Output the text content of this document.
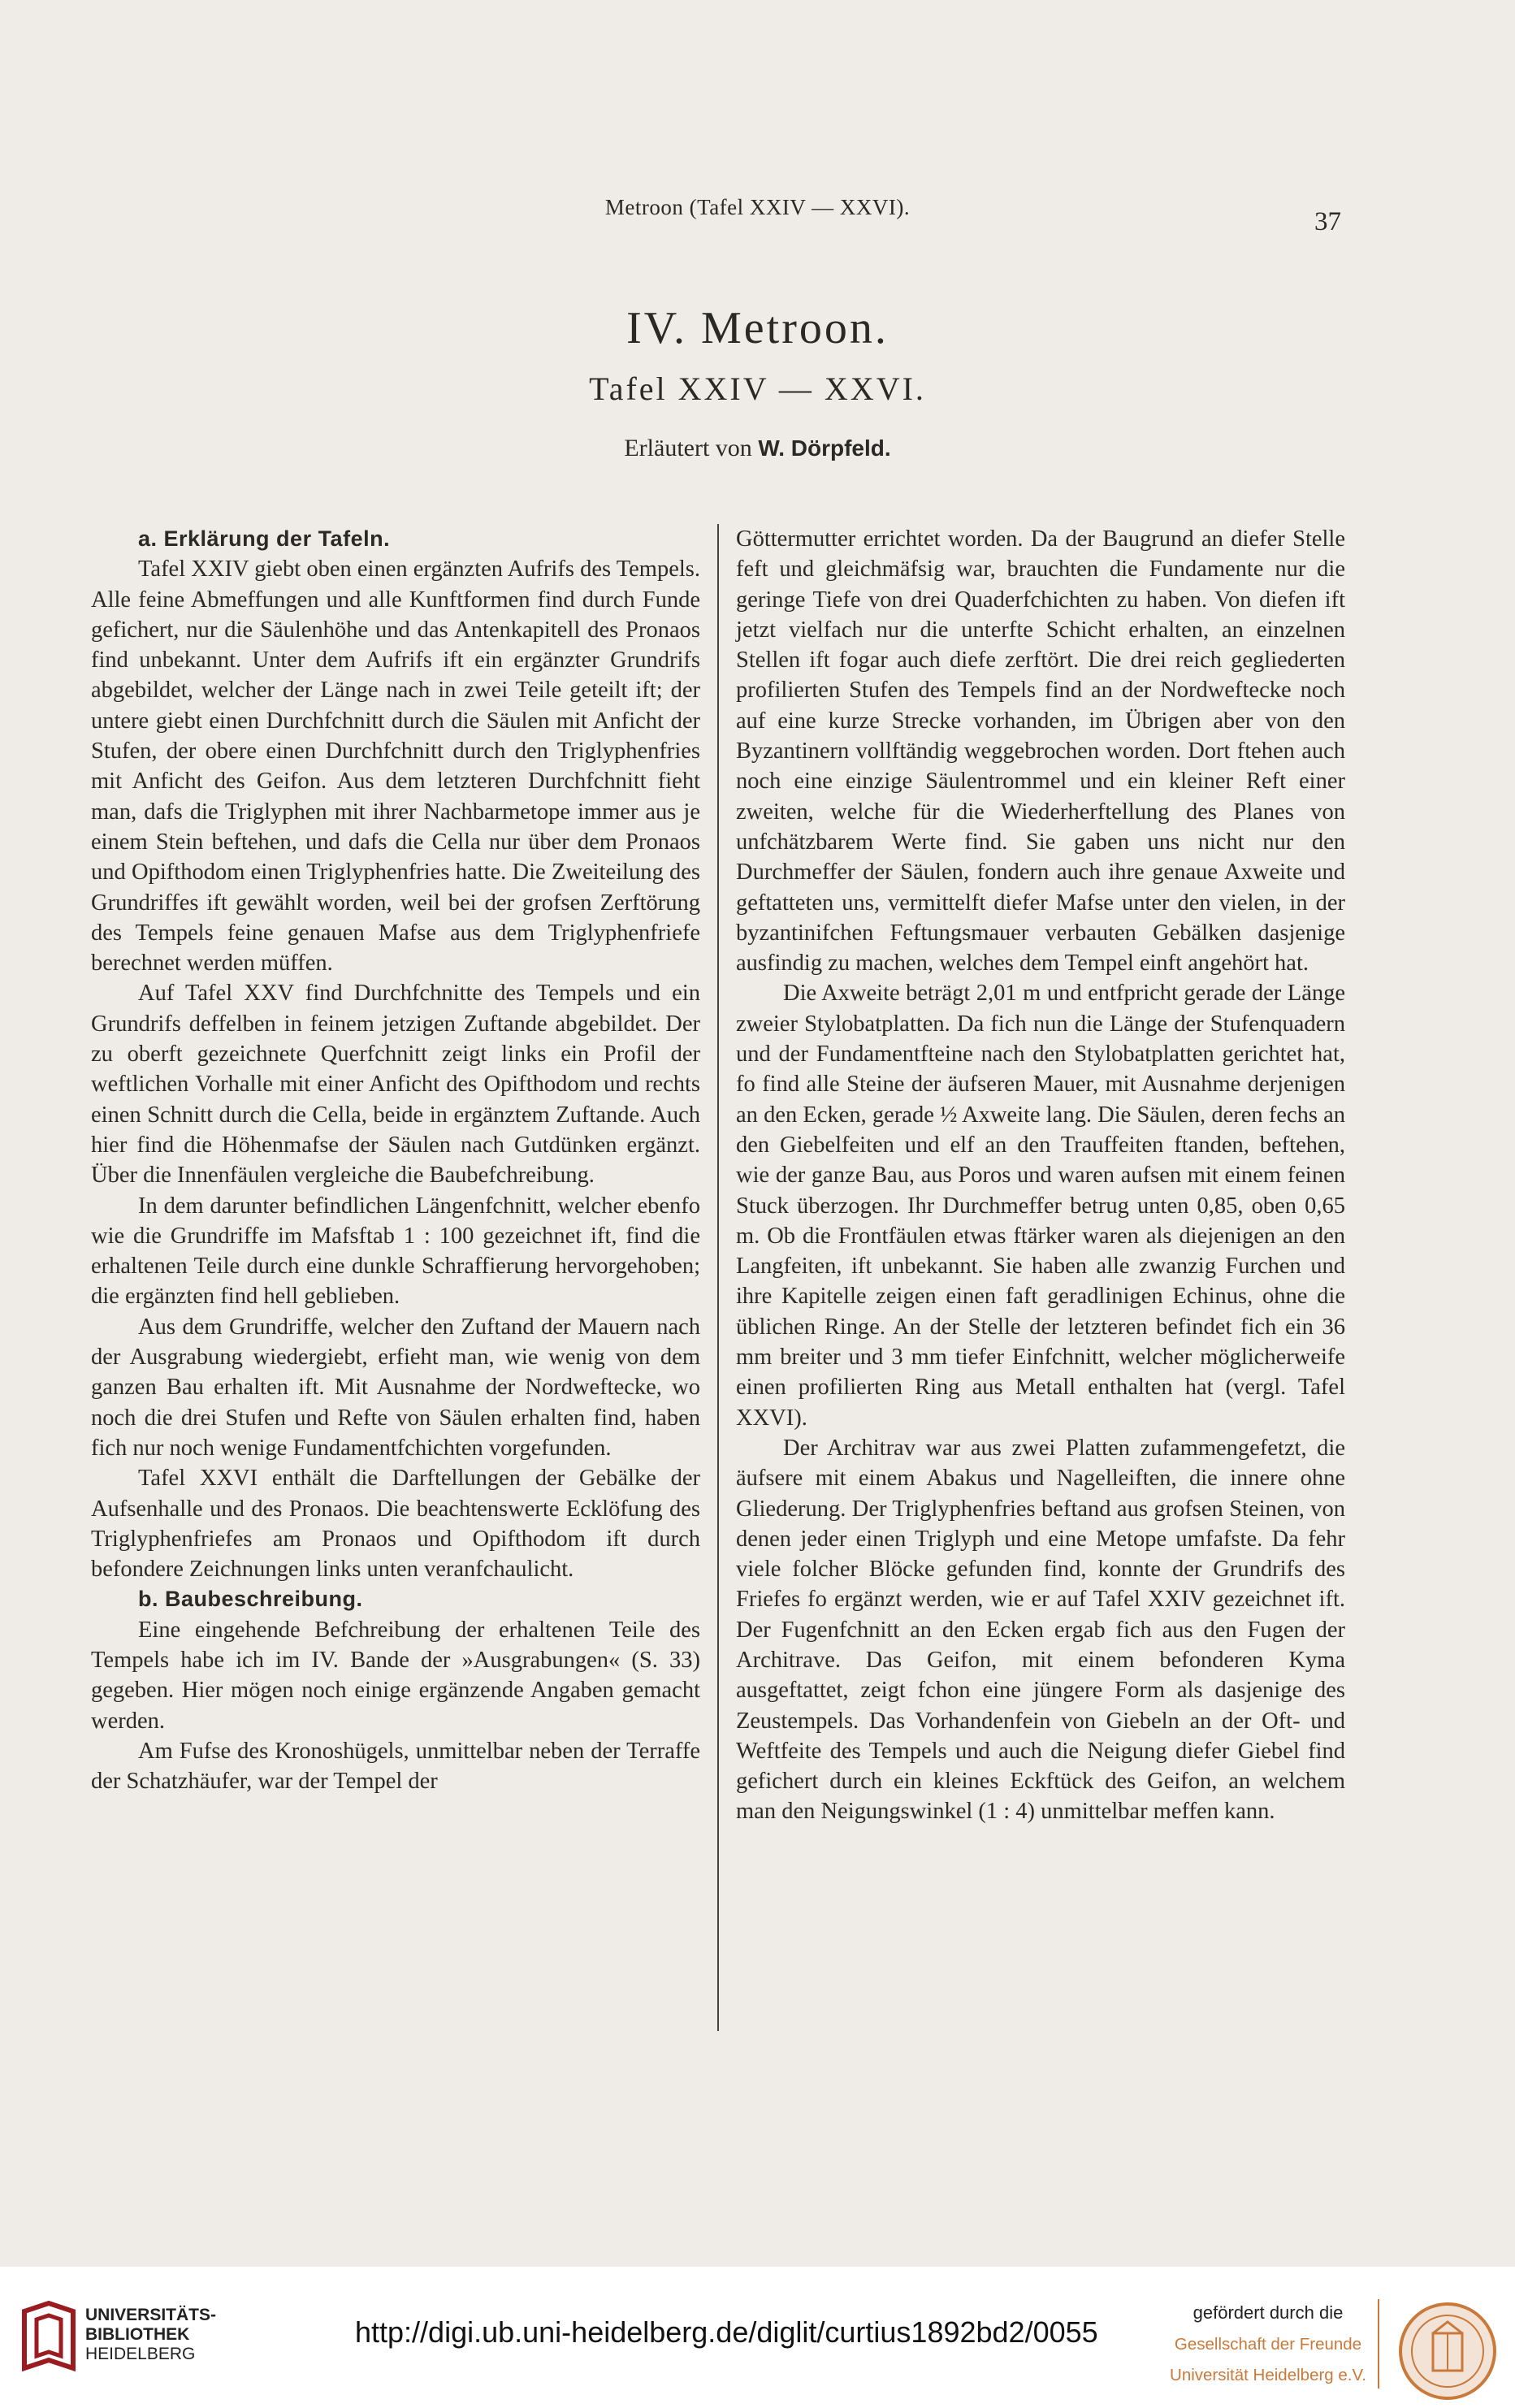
Metroon (Tafel XXIV — XXVI).	37
IV. Metroon.
Tafel XXIV — XXVI.
Erläutert von W. Dörpfeld.

a. Erklärung der Tafeln.

Tafel XXIV giebt oben einen ergänzten Aufrifs des Tempels. Alle feine Abmeffungen und alle Kunftformen find durch Funde gefichert, nur die Säulenhöhe und das Antenkapitell des Pronaos find unbekannt. Unter dem Aufrifs ift ein ergänzter Grundrifs abgebildet, welcher der Länge nach in zwei Teile geteilt ift; der untere giebt einen Durchfchnitt durch die Säulen mit Anficht der Stufen, der obere einen Durchfchnitt durch den Triglyphenfries mit Anficht des Geifon. Aus dem letzteren Durchfchnitt fieht man, dafs die Triglyphen mit ihrer Nachbarmetope immer aus je einem Stein beftehen, und dafs die Cella nur über dem Pronaos und Opifthodom einen Triglyphenfries hatte. Die Zweiteilung des Grundriffes ift gewählt worden, weil bei der grofsen Zerftörung des Tempels feine genauen Mafse aus dem Triglyphenfriefe berechnet werden müffen.

Auf Tafel XXV find Durchfchnitte des Tempels und ein Grundrifs deffelben in feinem jetzigen Zuftande abgebildet. Der zu oberft gezeichnete Querfchnitt zeigt links ein Profil der weftlichen Vorhalle mit einer Anficht des Opifthodom und rechts einen Schnitt durch die Cella, beide in ergänztem Zuftande. Auch hier find die Höhenmafse der Säulen nach Gutdünken ergänzt. Über die Innenfäulen vergleiche die Baubefchreibung.

In dem darunter befindlichen Längenfchnitt, welcher ebenfo wie die Grundriffe im Mafsftab 1 : 100 gezeichnet ift, find die erhaltenen Teile durch eine dunkle Schraffierung hervorgehoben; die ergänzten find hell geblieben.

Aus dem Grundriffe, welcher den Zuftand der Mauern nach der Ausgrabung wiedergiebt, erfieht man, wie wenig von dem ganzen Bau erhalten ift. Mit Ausnahme der Nordweftecke, wo noch die drei Stufen und Refte von Säulen erhalten find, haben fich nur noch wenige Fundamentfchichten vorgefunden.

Tafel XXVI enthält die Darftellungen der Gebälke der Aufsenhalle und des Pronaos. Die beachtenswerte Ecklöfung des Triglyphenfriefes am Pronaos und Opifthodom ift durch befondere Zeichnungen links unten veranfchaulicht.

b. Baubeschreibung.

Eine eingehende Befchreibung der erhaltenen Teile des Tempels habe ich im IV. Bande der »Ausgrabungen« (S. 33) gegeben. Hier mögen noch einige ergänzende Angaben gemacht werden.

Am Fufse des Kronoshügels, unmittelbar neben der Terraffe der Schatzhäufer, war der Tempel der

Göttermutter errichtet worden. Da der Baugrund an diefer Stelle feft und gleichmäfsig war, brauchten die Fundamente nur die geringe Tiefe von drei Quaderfchichten zu haben. Von diefen ift jetzt vielfach nur die unterfte Schicht erhalten, an einzelnen Stellen ift fogar auch diefe zerftört. Die drei reich gegliederten profilierten Stufen des Tempels find an der Nordweftecke noch auf eine kurze Strecke vorhanden, im Übrigen aber von den Byzantinern vollftändig weggebrochen worden. Dort ftehen auch noch eine einzige Säulentrommel und ein kleiner Reft einer zweiten, welche für die Wiederherftellung des Planes von unfchätzbarem Werte find. Sie gaben uns nicht nur den Durchmeffer der Säulen, fondern auch ihre genaue Axweite und geftatteten uns, vermittelft diefer Mafse unter den vielen, in der byzantinifchen Feftungsmauer verbauten Gebälken dasjenige ausfindig zu machen, welches dem Tempel einft angehört hat.

Die Axweite beträgt 2,01 m und entfpricht gerade der Länge zweier Stylobatplatten. Da fich nun die Länge der Stufenquadern und der Fundamentfteine nach den Stylobatplatten gerichtet hat, fo find alle Steine der äufseren Mauer, mit Ausnahme derjenigen an den Ecken, gerade ½ Axweite lang. Die Säulen, deren fechs an den Giebelfeiten und elf an den Trauffeiten ftanden, beftehen, wie der ganze Bau, aus Poros und waren aufsen mit einem feinen Stuck überzogen. Ihr Durchmeffer betrug unten 0,85, oben 0,65 m. Ob die Frontfäulen etwas ftärker waren als diejenigen an den Langfeiten, ift unbekannt. Sie haben alle zwanzig Furchen und ihre Kapitelle zeigen einen faft geradlinigen Echinus, ohne die üblichen Ringe. An der Stelle der letzteren befindet fich ein 36 mm breiter und 3 mm tiefer Einfchnitt, welcher möglicherweife einen profilierten Ring aus Metall enthalten hat (vergl. Tafel XXVI).

Der Architrav war aus zwei Platten zufammengefetzt, die äufsere mit einem Abakus und Nagelleiften, die innere ohne Gliederung. Der Triglyphenfries beftand aus grofsen Steinen, von denen jeder einen Triglyph und eine Metope umfafste. Da fehr viele folcher Blöcke gefunden find, konnte der Grundrifs des Friefes fo ergänzt werden, wie er auf Tafel XXIV gezeichnet ift. Der Fugenfchnitt an den Ecken ergab fich aus den Fugen der Architrave. Das Geifon, mit einem befonderen Kyma ausgeftattet, zeigt fchon eine jüngere Form als dasjenige des Zeustempels. Das Vorhandenfein von Giebeln an der Oft- und Weftfeite des Tempels und auch die Neigung diefer Giebel find gefichert durch ein kleines Eckftück des Geifon, an welchem man den Neigungswinkel (1 : 4) unmittelbar meffen kann.

UNIVERSITÄTS-
BIBLIOTHEK
HEIDELBERG
http://digi.ub.uni-heidelberg.de/diglit/curtius1892bd2/0055
gefördert durch die
Gesellschaft der Freunde
Universität Heidelberg e.V.
